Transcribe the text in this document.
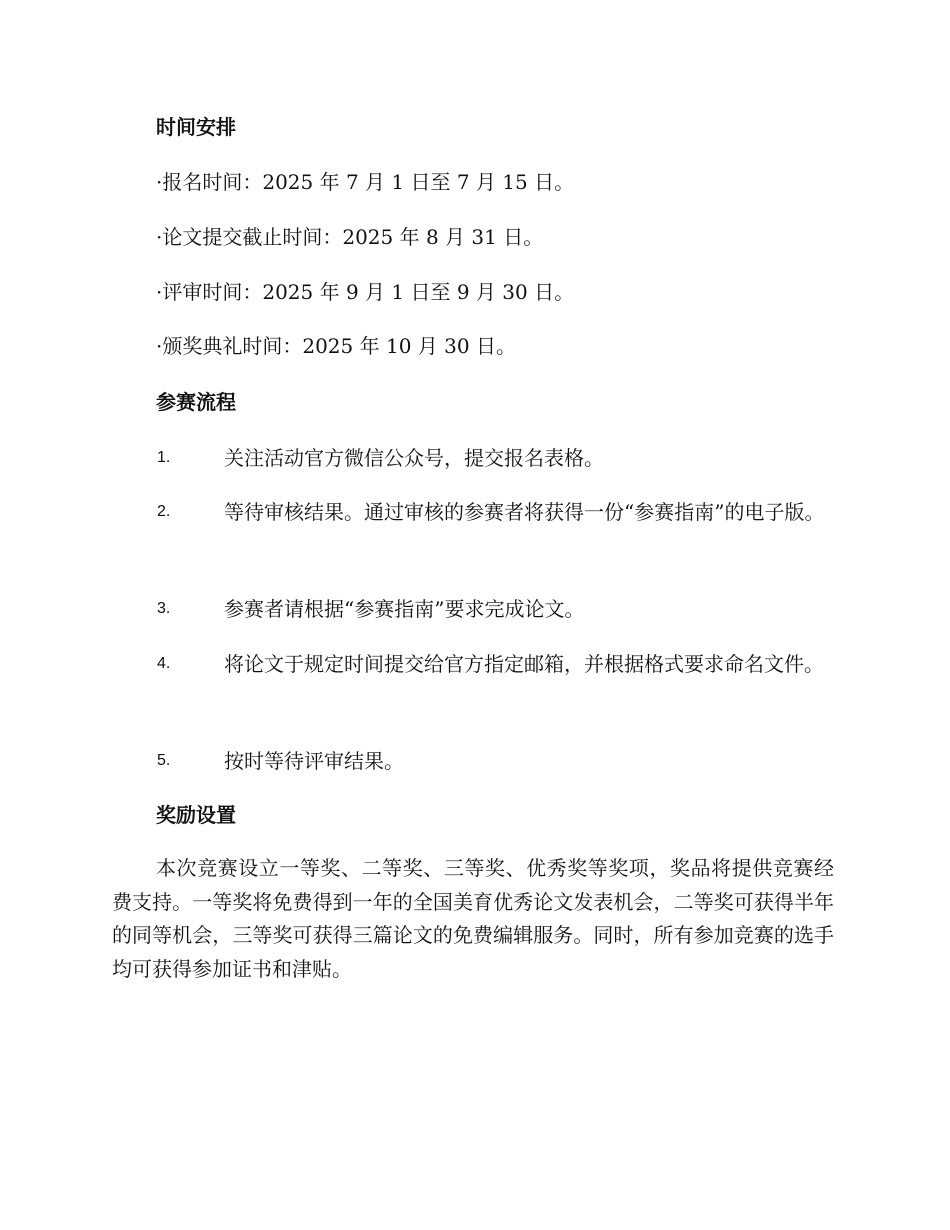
时间安排
·报名时间：2025 年 7 月 1 日至 7 月 15 日。
·论文提交截止时间：2025 年 8 月 31 日。
·评审时间：2025 年 9 月 1 日至 9 月 30 日。
·颁奖典礼时间：2025 年 10 月 30 日。
参赛流程
1.	关注活动官方微信公众号，提交报名表格。
2.	等待审核结果。通过审核的参赛者将获得一份“参赛指南”的电子版。
3.	参赛者请根据“参赛指南”要求完成论文。
4.	将论文于规定时间提交给官方指定邮箱，并根据格式要求命名文件。
5.	按时等待评审结果。
奖励设置
本次竞赛设立一等奖、二等奖、三等奖、优秀奖等奖项，奖品将提供竞赛经费支持。一等奖将免费得到一年的全国美育优秀论文发表机会，二等奖可获得半年的同等机会，三等奖可获得三篇论文的免费编辑服务。同时，所有参加竞赛的选手均可获得参加证书和津贴。
